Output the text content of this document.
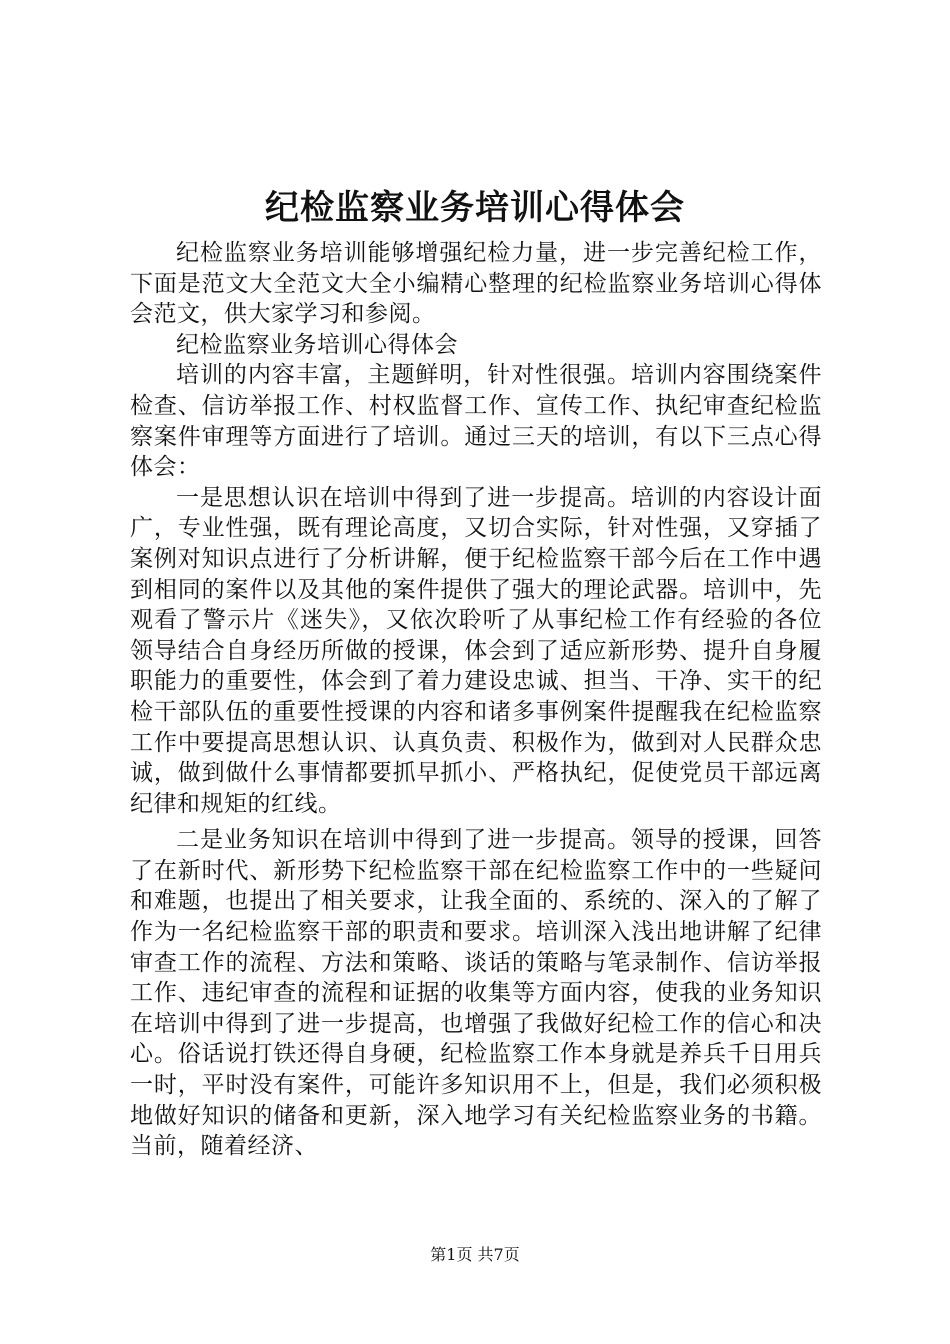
纪检监察业务培训心得体会

纪检监察业务培训能够增强纪检力量，进一步完善纪检工作，下面是范文大全范文大全小编精心整理的纪检监察业务培训心得体会范文，供大家学习和参阅。

纪检监察业务培训心得体会

培训的内容丰富，主题鲜明，针对性很强。培训内容围绕案件检查、信访举报工作、村权监督工作、宣传工作、执纪审查纪检监察案件审理等方面进行了培训。通过三天的培训，有以下三点心得体会：

一是思想认识在培训中得到了进一步提高。培训的内容设计面广，专业性强，既有理论高度，又切合实际，针对性强，又穿插了案例对知识点进行了分析讲解，便于纪检监察干部今后在工作中遇到相同的案件以及其他的案件提供了强大的理论武器。培训中，先观看了警示片《迷失》，又依次聆听了从事纪检工作有经验的各位领导结合自身经历所做的授课，体会到了适应新形势、提升自身履职能力的重要性，体会到了着力建设忠诚、担当、干净、实干的纪检干部队伍的重要性授课的内容和诸多事例案件提醒我在纪检监察工作中要提高思想认识、认真负责、积极作为，做到对人民群众忠诚，做到做什么事情都要抓早抓小、严格执纪，促使党员干部远离纪律和规矩的红线。

二是业务知识在培训中得到了进一步提高。领导的授课，回答了在新时代、新形势下纪检监察干部在纪检监察工作中的一些疑问和难题，也提出了相关要求，让我全面的、系统的、深入的了解了作为一名纪检监察干部的职责和要求。培训深入浅出地讲解了纪律审查工作的流程、方法和策略、谈话的策略与笔录制作、信访举报工作、违纪审查的流程和证据的收集等方面内容，使我的业务知识在培训中得到了进一步提高，也增强了我做好纪检工作的信心和决心。俗话说打铁还得自身硬，纪检监察工作本身就是养兵千日用兵一时，平时没有案件，可能许多知识用不上，但是，我们必须积极地做好知识的储备和更新，深入地学习有关纪检监察业务的书籍。当前，随着经济、

第1页 共7页
